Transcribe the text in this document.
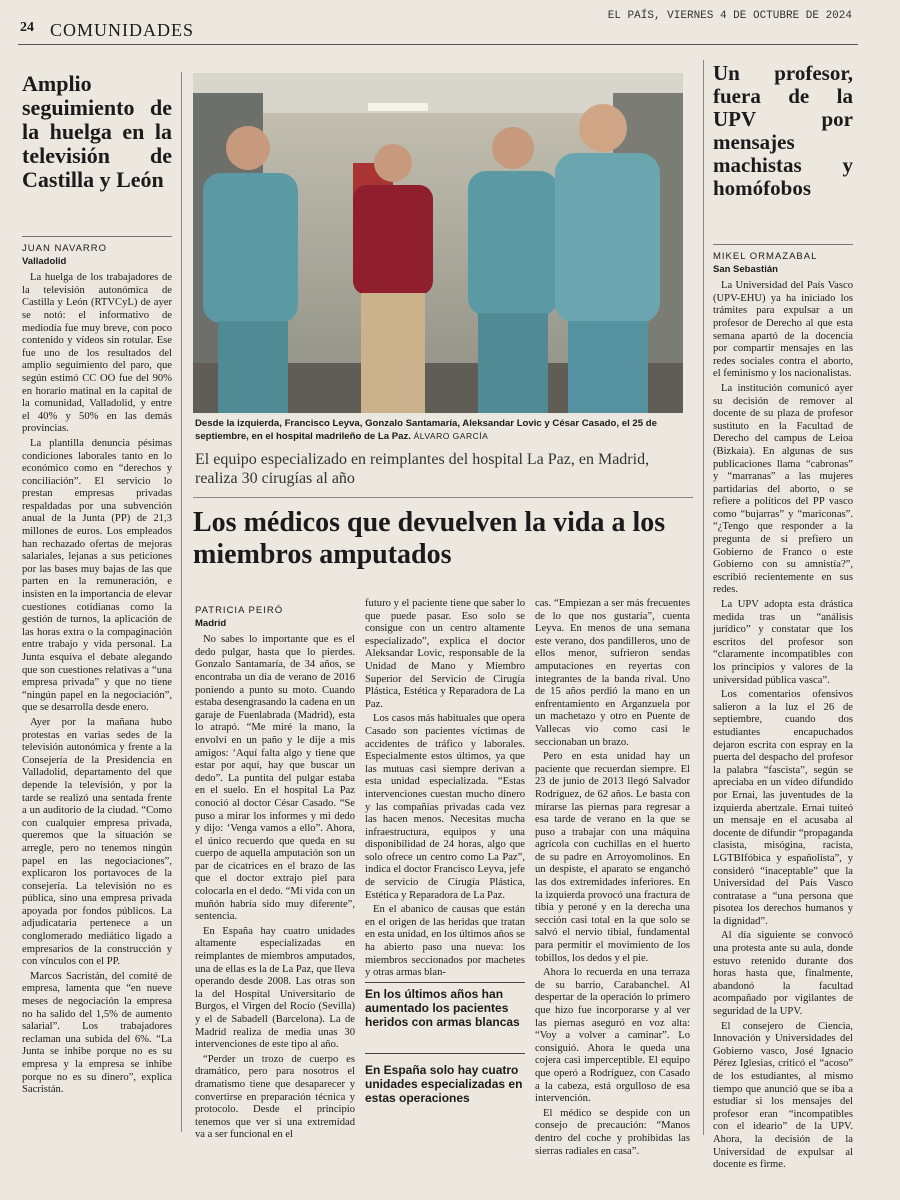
24 COMUNIDADES
EL PAÍS, VIERNES 4 DE OCTUBRE DE 2024
Amplio seguimiento de la huelga en la televisión de Castilla y León
JUAN NAVARRO
Valladolid

La huelga de los trabajadores de la televisión autonómica de Castilla y León (RTVCyL) de ayer se notó: el informativo de mediodía fue muy breve, con poco contenido y vídeos sin rotular. Ese fue uno de los resultados del amplio seguimiento del paro, que según estimó CC OO fue del 90% en horario matinal en la capital de la comunidad, Valladolid, y entre el 40% y 50% en las demás provincias.

La plantilla denuncia pésimas condiciones laborales tanto en lo económico como en “derechos y conciliación”. El servicio lo prestan empresas privadas respaldadas por una subvención anual de la Junta (PP) de 21,3 millones de euros. Los empleados han rechazado ofertas de mejoras salariales, lejanas a sus peticiones por las bases muy bajas de las que parten en la remuneración, e insisten en la importancia de elevar cuestiones cotidianas como la gestión de turnos, la aplicación de las horas extra o la compaginación entre trabajo y vida personal. La Junta esquiva el debate alegando que son cuestiones relativas a “una empresa privada” y que no tiene “ningún papel en la negociación”, que se desarrolla desde enero.

Ayer por la mañana hubo protestas en varias sedes de la televisión autonómica y frente a la Consejería de la Presidencia en Valladolid, departamento del que depende la televisión, y por la tarde se realizó una sentada frente a un auditorio de la ciudad. “Como con cualquier empresa privada, queremos que la situación se arregle, pero no tenemos ningún papel en las negociaciones”, explicaron los portavoces de la consejería. La televisión no es pública, sino una empresa privada apoyada por fondos públicos. La adjudicataria pertenece a un conglomerado mediático ligado a empresarios de la construcción y con vínculos con el PP.

Marcos Sacristán, del comité de empresa, lamenta que “en nueve meses de negociación la empresa no ha salido del 1,5% de aumento salarial”. Los trabajadores reclaman una subida del 6%. “La Junta se inhibe porque no es su empresa y la empresa se inhibe porque no es su dinero”, explica Sacristán.

Desde la izquierda, Francisco Leyva, Gonzalo Santamaría, Aleksandar Lovic y César Casado, el 25 de septiembre, en el hospital madrileño de La Paz. ÁLVARO GARCÍA
El equipo especializado en reimplantes del hospital La Paz, en Madrid, realiza 30 cirugías al año
Los médicos que devuelven la vida a los miembros amputados
PATRICIA PEIRÓ
Madrid

No sabes lo importante que es el dedo pulgar, hasta que lo pierdes. Gonzalo Santamaría, de 34 años, se encontraba un día de verano de 2016 poniendo a punto su moto. Cuando estaba desengrasando la cadena en un garaje de Fuenlabrada (Madrid), esta lo atrapó. “Me miré la mano, la envolví en un paño y le dije a mis amigos: ‘Aquí falta algo y tiene que estar por aquí, hay que buscar un dedo”. La puntita del pulgar estaba en el suelo. En el hospital La Paz conoció al doctor César Casado. “Se puso a mirar los informes y mi dedo y dijo: ‘Venga vamos a ello”. Ahora, el único recuerdo que queda en su cuerpo de aquella amputación son un par de cicatrices en el brazo de las que el doctor extrajo piel para colocarla en el dedo. “Mi vida con un muñón habría sido muy diferente”, sentencia.

En España hay cuatro unidades altamente especializadas en reimplantes de miembros amputados, una de ellas es la de La Paz, que lleva operando desde 2008. Las otras son la del Hospital Universitario de Burgos, el Virgen del Rocío (Sevilla) y el de Sabadell (Barcelona). La de Madrid realiza de media unas 30 intervenciones de este tipo al año.

“Perder un trozo de cuerpo es dramático, pero para nosotros el dramatismo tiene que desaparecer y convertirse en preparación técnica y protocolo. Desde el principio tenemos que ver si una extremidad va a ser funcional en el

futuro y el paciente tiene que saber lo que puede pasar. Eso solo se consigue con un centro altamente especializado”, explica el doctor Aleksandar Lovic, responsable de la Unidad de Mano y Miembro Superior del Servicio de Cirugía Plástica, Estética y Reparadora de La Paz.

Los casos más habituales que opera Casado son pacientes víctimas de accidentes de tráfico y laborales. Especialmente estos últimos, ya que las mutuas casi siempre derivan a esta unidad especializada. “Estas intervenciones cuestan mucho dinero y las compañías privadas cada vez las hacen menos. Necesitas mucha infraestructura, equipos y una disponibilidad de 24 horas, algo que solo ofrece un centro como La Paz”, indica el doctor Francisco Leyva, jefe de servicio de Cirugía Plástica, Estética y Reparadora de La Paz.

En el abanico de causas que están en el origen de las heridas que tratan en esta unidad, en los últimos años se ha abierto paso una nueva: los miembros seccionados por machetes y otras armas blan-

En los últimos años han aumentado los pacientes heridos con armas blancas
En España solo hay cuatro unidades especializadas en estas operaciones

cas. “Empiezan a ser más frecuentes de lo que nos gustaría”, cuenta Leyva. En menos de una semana este verano, dos pandilleros, uno de ellos menor, sufrieron sendas amputaciones en reyertas con integrantes de la banda rival. Uno de 15 años perdió la mano en un enfrentamiento en Arganzuela por un machetazo y otro en Puente de Vallecas vio como casi le seccionaban un brazo.

Pero en esta unidad hay un paciente que recuerdan siempre. El 23 de junio de 2013 llegó Salvador Rodríguez, de 62 años. Le basta con mirarse las piernas para regresar a esa tarde de verano en la que se puso a trabajar con una máquina agrícola con cuchillas en el huerto de su padre en Arroyomolinos. En un despiste, el aparato se enganchó las dos extremidades inferiores. En la izquierda provocó una fractura de tibia y peroné y en la derecha una sección casi total en la que solo se salvó el nervio tibial, fundamental para permitir el movimiento de los tobillos, los dedos y el pie.

Ahora lo recuerda en una terraza de su barrio, Carabanchel. Al despertar de la operación lo primero que hizo fue incorporarse y al ver las piernas aseguró en voz alta: “Voy a volver a caminar”. Lo consiguió. Ahora le queda una cojera casi imperceptible. El equipo que operó a Rodríguez, con Casado a la cabeza, está orgulloso de esa intervención.

El médico se despide con un consejo de precaución: “Manos dentro del coche y prohibidas las sierras radiales en casa”.

Un profesor, fuera de la UPV por mensajes machistas y homófobos
MIKEL ORMAZABAL
San Sebastián

La Universidad del País Vasco (UPV-EHU) ya ha iniciado los trámites para expulsar a un profesor de Derecho al que esta semana apartó de la docencia por compartir mensajes en las redes sociales contra el aborto, el feminismo y los nacionalistas.

La institución comunicó ayer su decisión de remover al docente de su plaza de profesor sustituto en la Facultad de Derecho del campus de Leioa (Bizkaia). En algunas de sus publicaciones llama “cabronas” y “marranas” a las mujeres partidarias del aborto, o se refiere a políticos del PP vasco como “bujarras” y “mariconas”. “¿Tengo que responder a la pregunta de si prefiero un Gobierno de Franco o este Gobierno con su amnistía?”, escribió recientemente en sus redes.

La UPV adopta esta drástica medida tras un “análisis jurídico” y constatar que los escritos del profesor son “claramente incompatibles con los principios y valores de la universidad pública vasca”.

Los comentarios ofensivos salieron a la luz el 26 de septiembre, cuando dos estudiantes encapuchados dejaron escrita con espray en la puerta del despacho del profesor la palabra “fascista”, según se apreciaba en un vídeo difundido por Ernai, las juventudes de la izquierda abertzale. Ernai tuiteó un mensaje en el acusaba al docente de difundir “propaganda clasista, misógina, racista, LGTBIfóbica y españolista”, y consideró “inaceptable” que la Universidad del País Vasco contratase a “una persona que pisotea los derechos humanos y la dignidad”.

Al día siguiente se convocó una protesta ante su aula, donde estuvo retenido durante dos horas hasta que, finalmente, abandonó la facultad acompañado por vigilantes de seguridad de la UPV.

El consejero de Ciencia, Innovación y Universidades del Gobierno vasco, José Ignacio Pérez Iglesias, criticó el “acoso” de los estudiantes, al mismo tiempo que anunció que se iba a estudiar si los mensajes del profesor eran “incompatibles con el ideario” de la UPV. Ahora, la decisión de la Universidad de expulsar al docente es firme.
